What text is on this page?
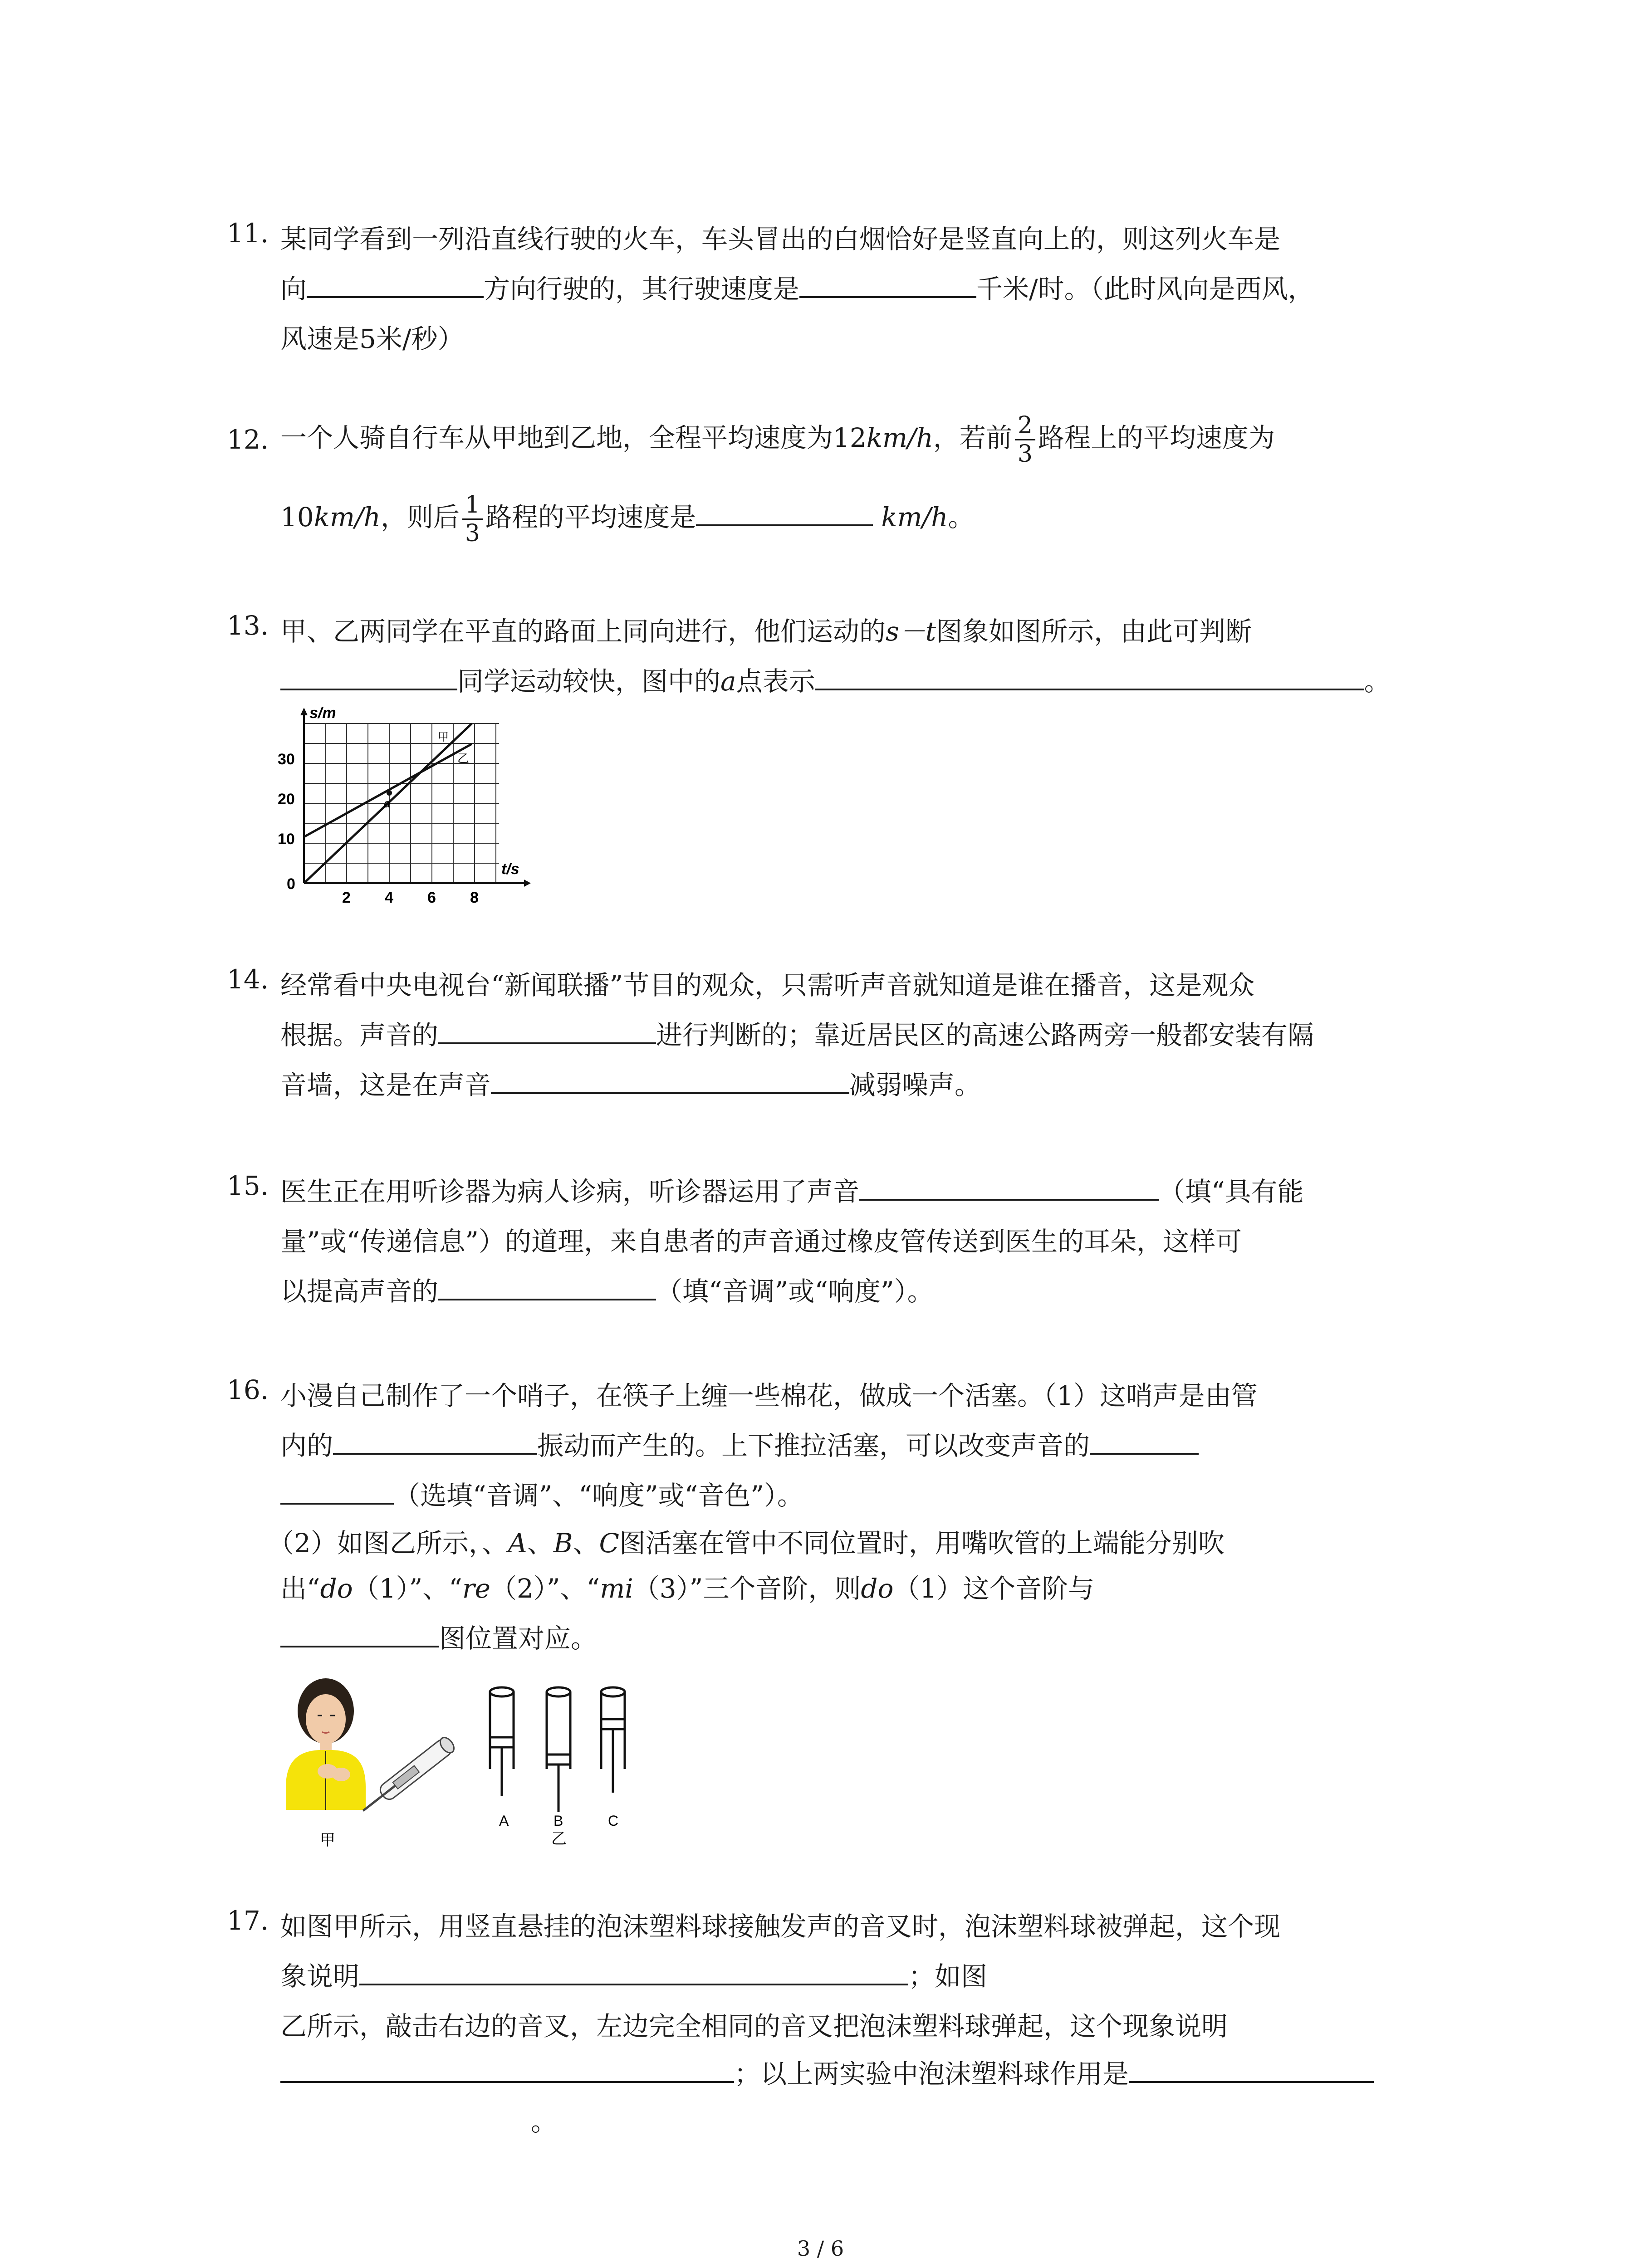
11. 某同学看到一列沿直线行驶的火车，车头冒出的白烟恰好是竖直向上的，则这列火车是
向	方向行驶的，其行驶速度是	千米/时。（此时风向是西风，
风速是5米/秒）
12. 一个人骑自行车从甲地到乙地，全程平均速度为12km/h，若前 $\frac{2}{3}$ 路程上的平均速度为
10km/h，则后 $\frac{1}{3}$ 路程的平均速度是	km/h。
13. 甲、乙两同学在平直的路面上同向进行，他们运动的s－t图象如图所示，由此可判断
同学运动较快，图中的a点表示	。
s/m
t/s
0
10
20
30
2 4 6 8
甲
乙
a
14. 经常看中央电视台“新闻联播”节目的观众，只需听声音就知道是谁在播音，这是观众
根据。声音的	进行判断的；靠近居民区的高速公路两旁一般都安装有隔
音墙，这是在声音	减弱噪声。
15. 医生正在用听诊器为病人诊病，听诊器运用了声音	（填“具有能
量”或“传递信息”）的道理，来自患者的声音通过橡皮管传送到医生的耳朵，这样可
以提高声音的	（填“音调”或“响度”）。
16. 小漫自己制作了一个哨子，在筷子上缠一些棉花，做成一个活塞。（1）这哨声是由管
内的	振动而产生的。上下推拉活塞，可以改变声音的
（选填“音调”、“响度”或“音色”）。
（2）如图乙所示，、A、B、C图活塞在管中不同位置时，用嘴吹管的上端能分别吹
出“do（1）”、“re（2）”、“mi（3）”三个音阶，则do（1）这个音阶与
图位置对应。
甲
A	B	C
乙
17. 如图甲所示，用竖直悬挂的泡沫塑料球接触发声的音叉时，泡沫塑料球被弹起，这个现
象说明	；如图
乙所示，敲击右边的音叉，左边完全相同的音叉把泡沫塑料球弹起，这个现象说明
；以上两实验中泡沫塑料球作用是
。
3 / 6
